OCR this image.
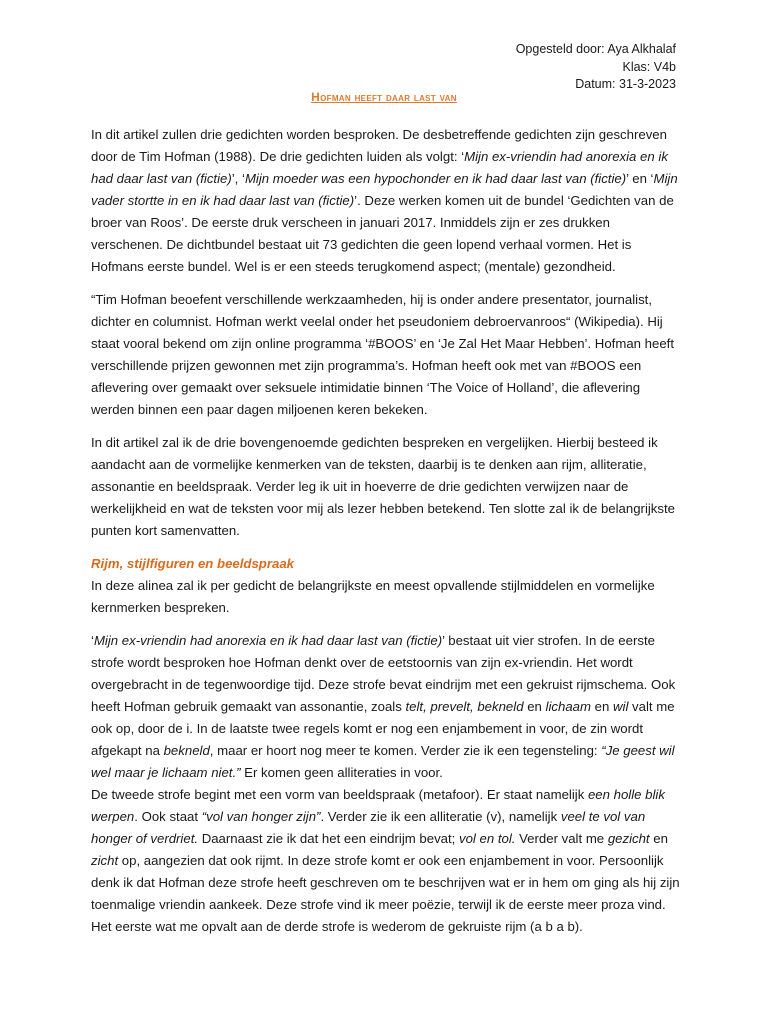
Opgesteld door: Aya Alkhalaf
Klas: V4b
Datum: 31-3-2023
Hofman heeft daar last van

In dit artikel zullen drie gedichten worden besproken. De desbetreffende gedichten zijn geschreven door de Tim Hofman (1988). De drie gedichten luiden als volgt: ‘Mijn ex-vriendin had anorexia en ik had daar last van (fictie)’, ‘Mijn moeder was een hypochonder en ik had daar last van (fictie)’ en ‘Mijn vader stortte in en ik had daar last van (fictie)’. Deze werken komen uit de bundel ‘Gedichten van de broer van Roos’. De eerste druk verscheen in januari 2017. Inmiddels zijn er zes drukken verschenen. De dichtbundel bestaat uit 73 gedichten die geen lopend verhaal vormen. Het is Hofmans eerste bundel. Wel is er een steeds terugkomend aspect; (mentale) gezondheid.

“Tim Hofman beoefent verschillende werkzaamheden, hij is onder andere presentator, journalist, dichter en columnist. Hofman werkt veelal onder het pseudoniem debroervanroos“ (Wikipedia). Hij staat vooral bekend om zijn online programma ‘#BOOS’ en ‘Je Zal Het Maar Hebben’. Hofman heeft verschillende prijzen gewonnen met zijn programma’s. Hofman heeft ook met van #BOOS een aflevering over gemaakt over seksuele intimidatie binnen ‘The Voice of Holland’, die aflevering werden binnen een paar dagen miljoenen keren bekeken.

In dit artikel zal ik de drie bovengenoemde gedichten bespreken en vergelijken. Hierbij besteed ik aandacht aan de vormelijke kenmerken van de teksten, daarbij is te denken aan rijm, alliteratie, assonantie en beeldspraak. Verder leg ik uit in hoeverre de drie gedichten verwijzen naar de werkelijkheid en wat de teksten voor mij als lezer hebben betekend. Ten slotte zal ik de belangrijkste punten kort samenvatten.

Rijm, stijlfiguren en beeldspraak

In deze alinea zal ik per gedicht de belangrijkste en meest opvallende stijlmiddelen en vormelijke kernmerken bespreken.

‘Mijn ex-vriendin had anorexia en ik had daar last van (fictie)’ bestaat uit vier strofen. In de eerste strofe wordt besproken hoe Hofman denkt over de eetstoornis van zijn ex-vriendin. Het wordt overgebracht in de tegenwoordige tijd. Deze strofe bevat eindrijm met een gekruist rijmschema. Ook heeft Hofman gebruik gemaakt van assonantie, zoals telt, prevelt, bekneld en lichaam en wil valt me ook op, door de i. In de laatste twee regels komt er nog een enjambement in voor, de zin wordt afgekapt na bekneld, maar er hoort nog meer te komen. Verder zie ik een tegensteling: “Je geest wil wel maar je lichaam niet.” Er komen geen alliteraties in voor.

De tweede strofe begint met een vorm van beeldspraak (metafoor). Er staat namelijk een holle blik werpen. Ook staat “vol van honger zijn”. Verder zie ik een alliteratie (v), namelijk veel te vol van honger of verdriet. Daarnaast zie ik dat het een eindrijm bevat; vol en tol. Verder valt me gezicht en zicht op, aangezien dat ook rijmt. In deze strofe komt er ook een enjambement in voor. Persoonlijk denk ik dat Hofman deze strofe heeft geschreven om te beschrijven wat er in hem om ging als hij zijn toenmalige vriendin aankeek. Deze strofe vind ik meer poëzie, terwijl ik de eerste meer proza vind. Het eerste wat me opvalt aan de derde strofe is wederom de gekruiste rijm (a b a b).
